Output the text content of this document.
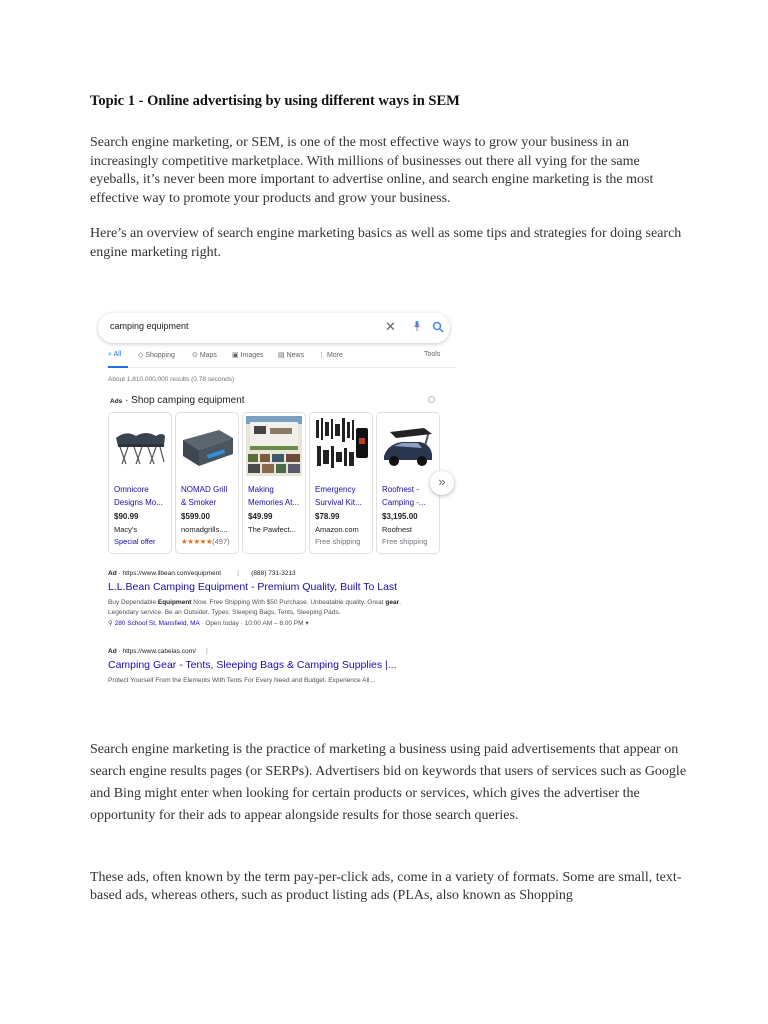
Topic 1 - Online advertising by using different ways in SEM

Search engine marketing, or SEM, is one of the most effective ways to grow your business in an increasingly competitive marketplace. With millions of businesses out there all vying for the same eyeballs, it’s never been more important to advertise online, and search engine marketing is the most effective way to promote your products and grow your business.

Here’s an overview of search engine marketing basics as well as some tips and strategies for doing search engine marketing right.

camping equipment	✕
⌕ All ◇ Shopping ⊙ Maps ▣ Images ▤ News ⋮ More	Tools
About 1,810,000,000 results (0.78 seconds)
Ads · Shop camping equipment
Omnicore
Designs Mo...
$90.99
Macy's
Special offer
NOMAD Grill
& Smoker
$599.00
nomadgrills....
★★★★★(497)
Making
Memories At...
$49.99
The Pawfect...
Emergency
Survival Kit...
$78.99
Amazon.com
Free shipping
Roofnest -
Camping -...
$3,195.00
Roofnest
Free shipping
»
Ad · https://www.llbean.com/equipment ⋮ (888) 731-3213
L.L.Bean Camping Equipment - Premium Quality, Built To Last
Buy Dependable Equipment Now. Free Shipping With $50 Purchase. Unbeatable quality. Great gear. Legendary service. Be an Outsider. Types: Sleeping Bags, Tents, Sleeping Pads.
⚲ 280 School St, Mansfield, MA · Open today · 10:00 AM – 8:00 PM ▾
Ad · https://www.cabelas.com/ ⋮
Camping Gear - Tents, Sleeping Bags & Camping Supplies |...
Protect Yourself From the Elements With Tents For Every Need and Budget. Experience All...

Search engine marketing is the practice of marketing a business using paid advertisements that appear on search engine results pages (or SERPs). Advertisers bid on keywords that users of services such as Google and Bing might enter when looking for certain products or services, which gives the advertiser the opportunity for their ads to appear alongside results for those search queries.

These ads, often known by the term pay-per-click ads, come in a variety of formats. Some are small, text-based ads, whereas others, such as product listing ads (PLAs, also known as Shopping
